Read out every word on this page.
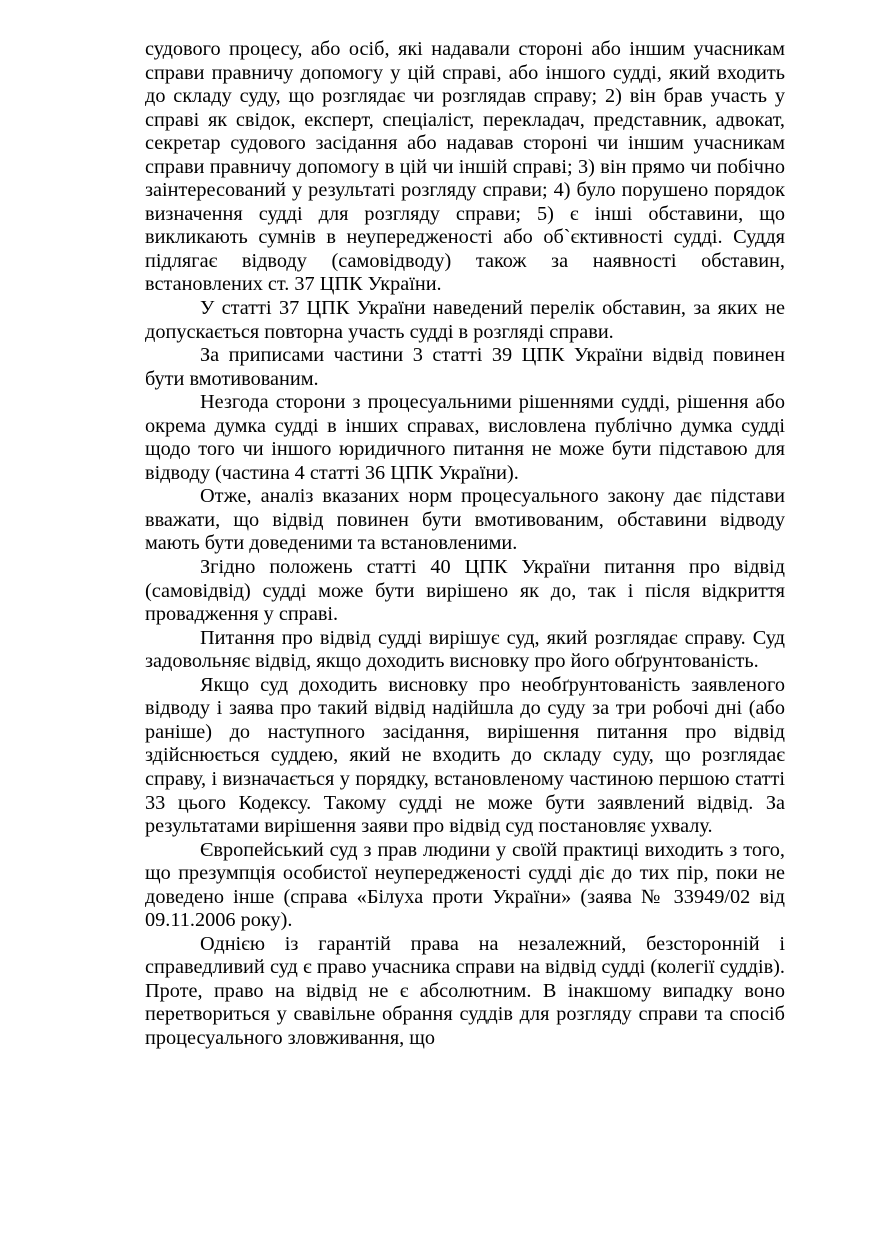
судового процесу, або осіб, які надавали стороні або іншим учасникам справи правничу допомогу у цій справі, або іншого судді, який входить до складу суду, що розглядає чи розглядав справу; 2) він брав участь у справі як свідок, експерт, спеціаліст, перекладач, представник, адвокат, секретар судового засідання або надавав стороні чи іншим учасникам справи правничу допомогу в цій чи іншій справі; 3) він прямо чи побічно заінтересований у результаті розгляду справи; 4) було порушено порядок визначення судді для розгляду справи; 5) є інші обставини, що викликають сумнів в неупередженості або об`єктивності судді. Суддя підлягає відводу (самовідводу) також за наявності обставин, встановлених ст. 37 ЦПК України.

У статті 37 ЦПК України наведений перелік обставин, за яких не допускається повторна участь судді в розгляді справи.

За приписами частини 3 статті 39 ЦПК України відвід повинен бути вмотивованим.

Незгода сторони з процесуальними рішеннями судді, рішення або окрема думка судді в інших справах, висловлена публічно думка судді щодо того чи іншого юридичного питання не може бути підставою для відводу (частина 4 статті 36 ЦПК України).

Отже, аналіз вказаних норм процесуального закону дає підстави вважати, що відвід повинен бути вмотивованим, обставини відводу мають бути доведеними та встановленими.

Згідно положень статті 40 ЦПК України питання про відвід (самовідвід) судді може бути вирішено як до, так і після відкриття провадження у справі.

Питання про відвід судді вирішує суд, який розглядає справу. Суд задовольняє відвід, якщо доходить висновку про його обґрунтованість.

Якщо суд доходить висновку про необґрунтованість заявленого відводу і заява про такий відвід надійшла до суду за три робочі дні (або раніше) до наступного засідання, вирішення питання про відвід здійснюється суддею, який не входить до складу суду, що розглядає справу, і визначається у порядку, встановленому частиною першою статті 33 цього Кодексу. Такому судді не може бути заявлений відвід. За результатами вирішення заяви про відвід суд постановляє ухвалу.

Європейський суд з прав людини у своїй практиці виходить з того, що презумпція особистої неупередженості судді діє до тих пір, поки не доведено інше (справа «Білуха проти України» (заява № 33949/02 від 09.11.2006 року).

Однією із гарантій права на незалежний, безсторонній і справедливий суд є право учасника справи на відвід судді (колегії суддів). Проте, право на відвід не є абсолютним. В інакшому випадку воно перетвориться у свавільне обрання суддів для розгляду справи та спосіб процесуального зловживання, що
